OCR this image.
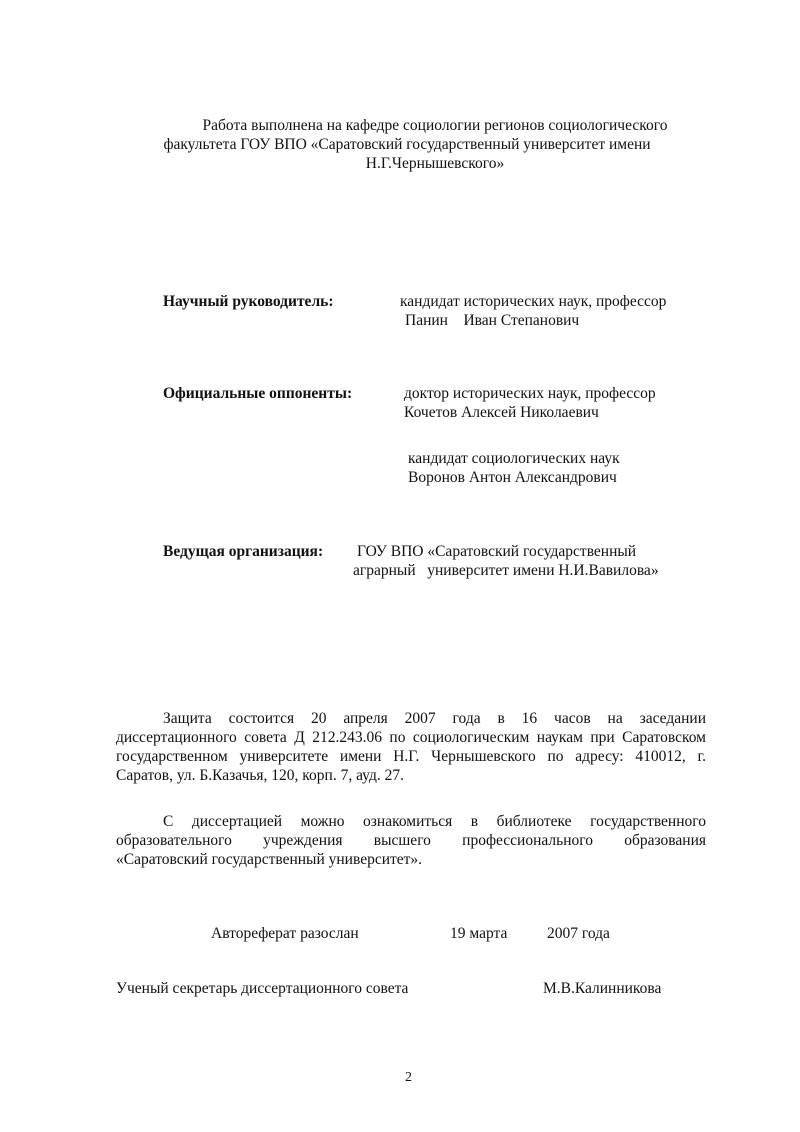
Работа выполнена на кафедре социологии регионов социологического
факультета ГОУ ВПО «Саратовский государственный университет имени
Н.Г.Чернышевского»
Научный руководитель:	кандидат исторических наук, профессор
Панин    Иван Степанович
Официальные оппоненты:	доктор исторических наук, профессор
Кочетов Алексей Николаевич
кандидат социологических наук
Воронов Антон Александрович
Ведущая организация: ГОУ ВПО «Саратовский государственный
аграрный   университет имени Н.И.Вавилова»
Защита состоится 20 апреля 2007 года в 16 часов на заседании
диссертационного совета Д 212.243.06 по социологическим наукам при Саратовском
государственном университете имени Н.Г. Чернышевского по адресу: 410012, г.
Саратов, ул. Б.Казачья, 120, корп. 7, ауд. 27.
С диссертацией можно ознакомиться в библиотеке государственного
образовательного учреждения высшего профессионального образования
«Саратовский государственный университет».
Автореферат разослан	19 марта	2007 года
Ученый секретарь диссертационного совета	М.В.Калинникова
2
